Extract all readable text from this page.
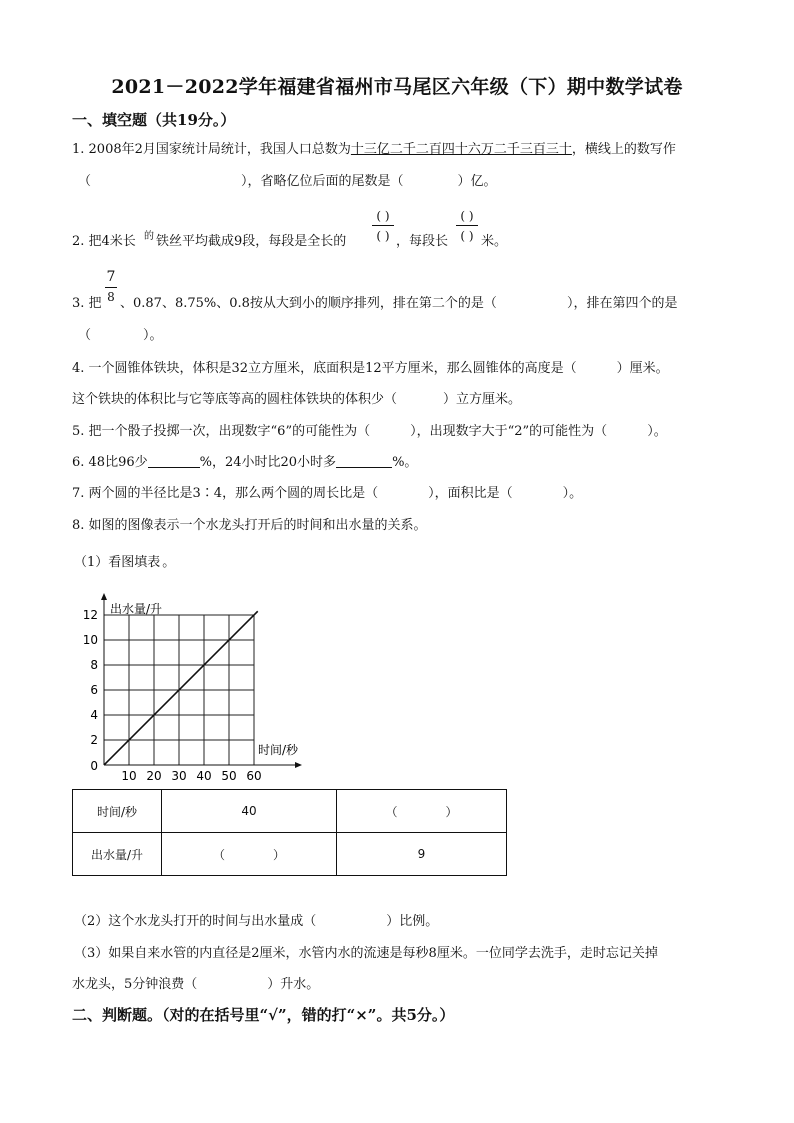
2021－2022学年福建省福州市马尾区六年级（下）期中数学试卷
一、填空题（共19分。）
1. 2008年2月国家统计局统计，我国人口总数为十三亿二千二百四十六万二千三百三十，横线上的数写作
（	），省略亿位后面的尾数是（	）亿。
2. 把4米长 的 铁丝平均截成9段，每段是全长的
( )
( ) ，每段长
( )
( ) 米。
3. 把
7
8 、0.87、8.75%、0.8按从大到小的顺序排列，排在第二个的是（	），排在第四个的是
（	）。
4. 一个圆锥体铁块，体积是32立方厘米，底面积是12平方厘米，那么圆锥体的高度是（	）厘米。
这个铁块的体积比与它等底等高的圆柱体铁块的体积少（	）立方厘米。
5. 把一个骰子投掷一次，出现数字“6”的可能性为（	），出现数字大于“2”的可能性为（	）。
6. 48比96少	%，24小时比20小时多	%。
7. 两个圆的半径比是3∶4，那么两个圆的周长比是（	），面积比是（	）。
8. 如图的图像表示一个水龙头打开后的时间和出水量的关系。
（1）看图填表 。
10 20 30 40 50 60
0
2
4
6
8
10
12 出水量/升
时间/秒
时间/秒	40	（　　　　）
出水量/升	（　　　　）	9
（2）这个水龙头打开的时间与出水量成（	）比例。
（3）如果自来水管的内直径是2厘米，水管内水的流速是每秒8厘米。一位同学去洗手，走时忘记关掉
水龙头，5分钟浪费（	）升水。
二、判断题。（对的在括号里“√”，错的打“×”。共5分。）
